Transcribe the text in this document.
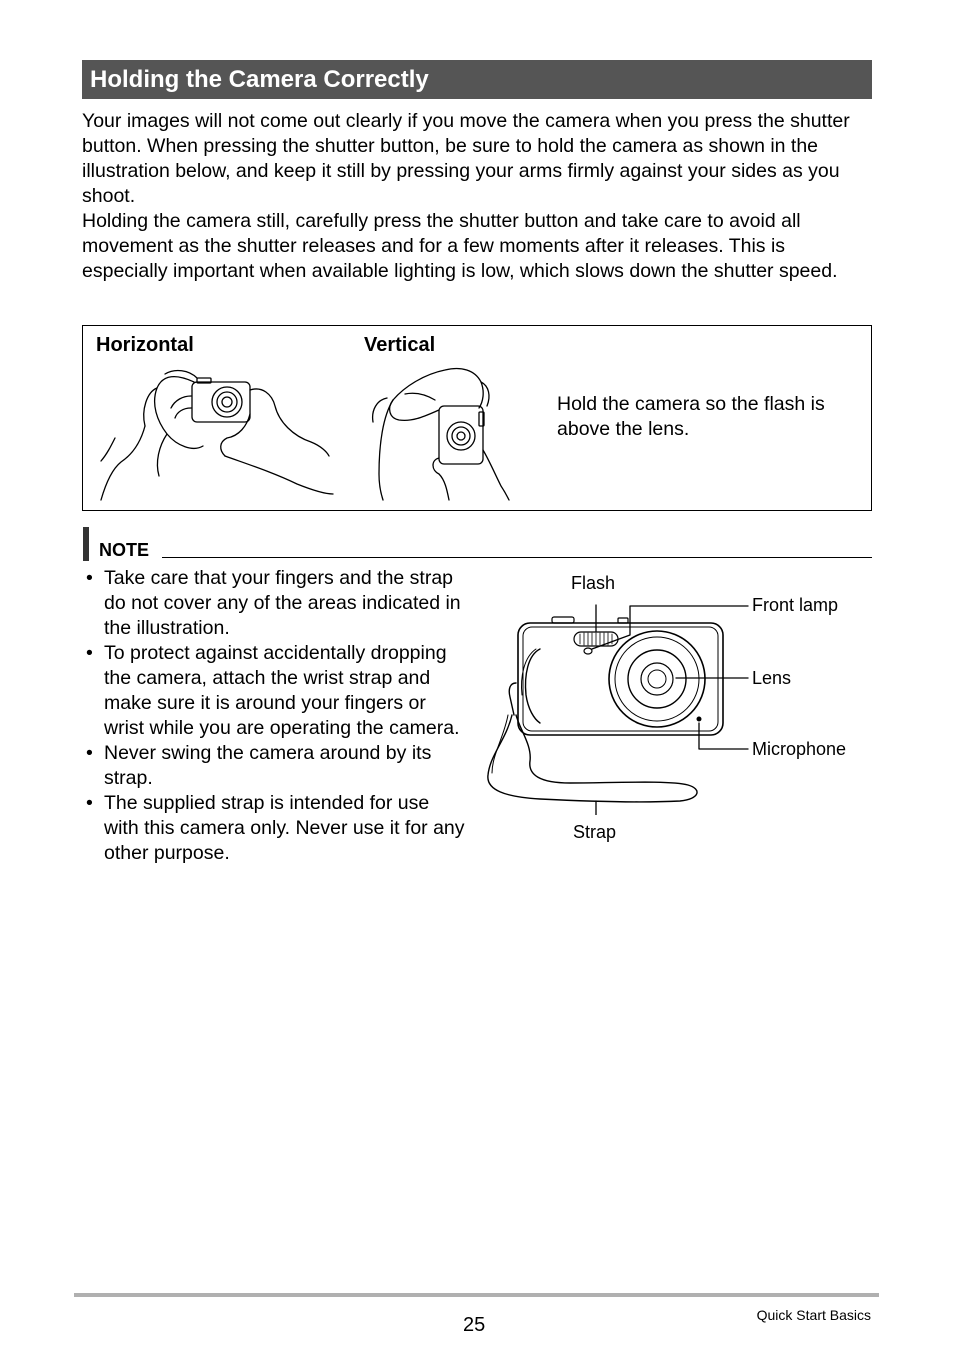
Holding the Camera Correctly

Your images will not come out clearly if you move the camera when you press the shutter button. When pressing the shutter button, be sure to hold the camera as shown in the illustration below, and keep it still by pressing your arms firmly against your sides as you shoot.

Holding the camera still, carefully press the shutter button and take care to avoid all movement as the shutter releases and for a few moments after it releases. This is especially important when available lighting is low, which slows down the shutter speed.

Horizontal	Vertical
Hold the camera so the flash is above the lens.
NOTE
• Take care that your fingers and the strap do not cover any of the areas indicated in the illustration.
• To protect against accidentally dropping the camera, attach the wrist strap and make sure it is around your fingers or wrist while you are operating the camera.
• Never swing the camera around by its strap.
• The supplied strap is intended for use with this camera only. Never use it for any other purpose.
Flash
Front lamp
Lens
Microphone
Strap
25	Quick Start Basics
